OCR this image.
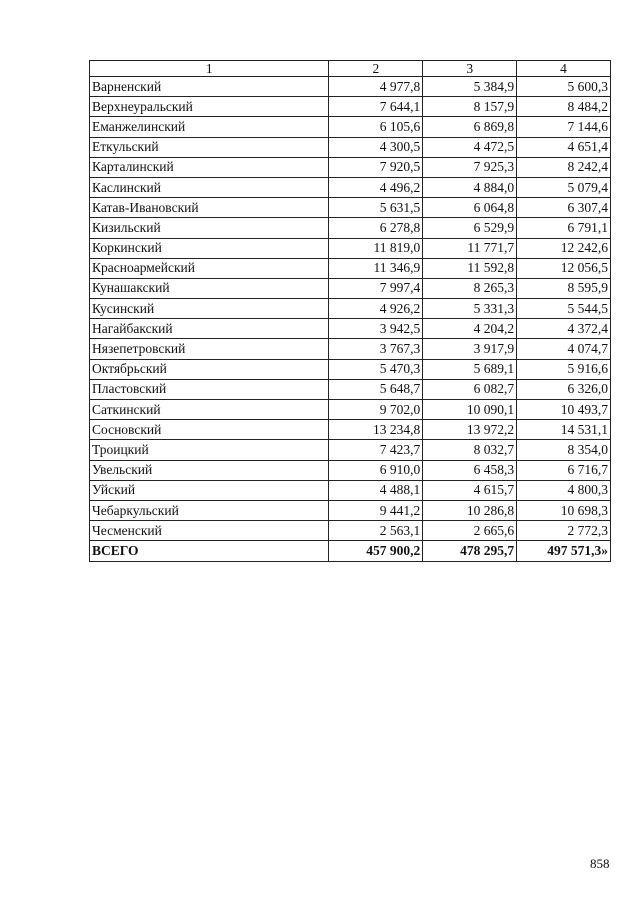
1	2	3	4
Варненский	4 977,8	5 384,9	5 600,3
Верхнеуральский	7 644,1	8 157,9	8 484,2
Еманжелинский	6 105,6	6 869,8	7 144,6
Еткульский	4 300,5	4 472,5	4 651,4
Карталинский	7 920,5	7 925,3	8 242,4
Каслинский	4 496,2	4 884,0	5 079,4
Катав-Ивановский	5 631,5	6 064,8	6 307,4
Кизильский	6 278,8	6 529,9	6 791,1
Коркинский	11 819,0	11 771,7	12 242,6
Красноармейский	11 346,9	11 592,8	12 056,5
Кунашакский	7 997,4	8 265,3	8 595,9
Кусинский	4 926,2	5 331,3	5 544,5
Нагайбакский	3 942,5	4 204,2	4 372,4
Нязепетровский	3 767,3	3 917,9	4 074,7
Октябрьский	5 470,3	5 689,1	5 916,6
Пластовский	5 648,7	6 082,7	6 326,0
Саткинский	9 702,0	10 090,1	10 493,7
Сосновский	13 234,8	13 972,2	14 531,1
Троицкий	7 423,7	8 032,7	8 354,0
Увельский	6 910,0	6 458,3	6 716,7
Уйский	4 488,1	4 615,7	4 800,3
Чебаркульский	9 441,2	10 286,8	10 698,3
Чесменский	2 563,1	2 665,6	2 772,3
ВСЕГО	457 900,2	478 295,7	497 571,3»
858
